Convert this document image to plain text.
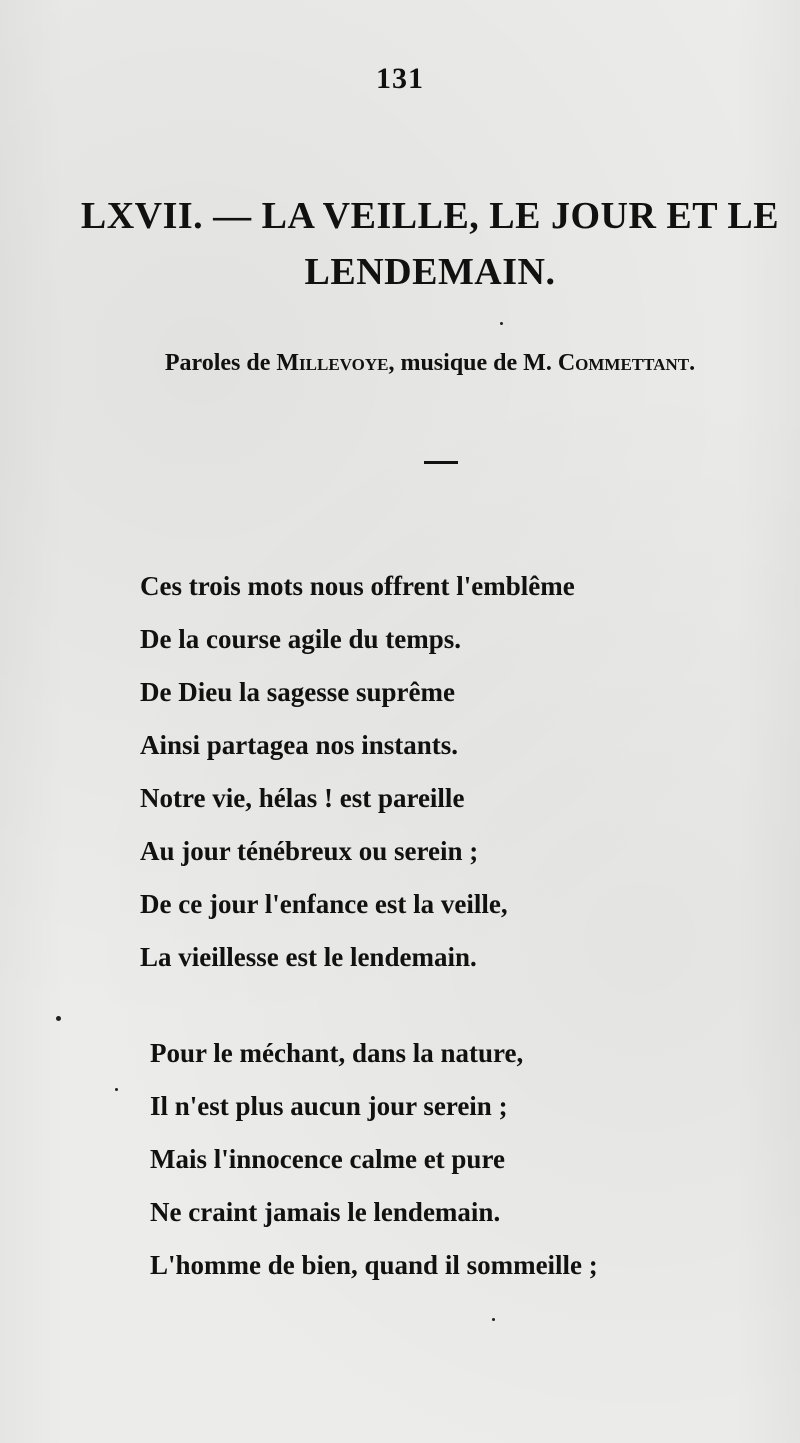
131
LXVII. — LA VEILLE, LE JOUR ET LE
LENDEMAIN.
Paroles de Millevoye, musique de M. Commettant.
Ces trois mots nous offrent l'emblême
De la course agile du temps.
De Dieu la sagesse suprême
Ainsi partagea nos instants.
Notre vie, hélas ! est pareille
Au jour ténébreux ou serein ;
De ce jour l'enfance est la veille,
La vieillesse est le lendemain.
Pour le méchant, dans la nature,
Il n'est plus aucun jour serein ;
Mais l'innocence calme et pure
Ne craint jamais le lendemain.
L'homme de bien, quand il sommeille ;
